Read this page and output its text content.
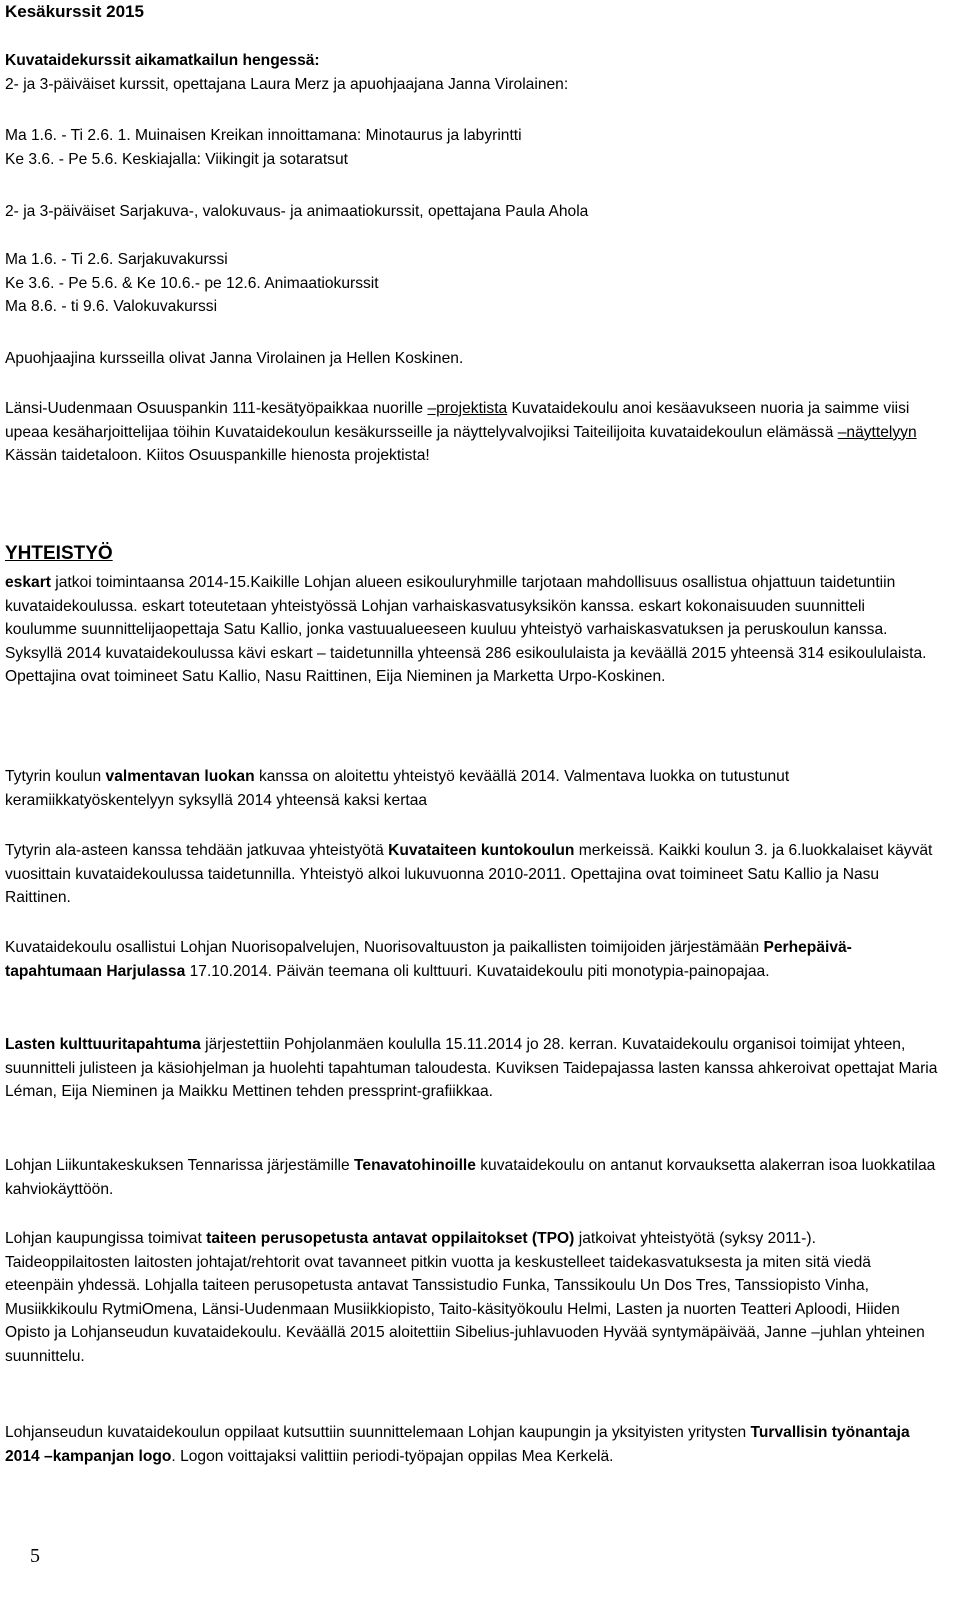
Kesäkurssit 2015

Kuvataidekurssit aikamatkailun hengessä:

2- ja 3-päiväiset kurssit, opettajana Laura Merz ja apuohjaajana Janna Virolainen:

Ma 1.6. - Ti 2.6. 1. Muinaisen Kreikan innoittamana: Minotaurus ja labyrintti

Ke 3.6. - Pe 5.6. Keskiajalla: Viikingit ja sotaratsut

2- ja 3-päiväiset Sarjakuva-, valokuvaus- ja animaatiokurssit, opettajana Paula Ahola

Ma 1.6. - Ti 2.6. Sarjakuvakurssi

Ke 3.6. - Pe 5.6. & Ke 10.6.- pe 12.6. Animaatiokurssit

Ma 8.6. - ti 9.6. Valokuvakurssi

Apuohjaajina kursseilla olivat Janna Virolainen ja Hellen Koskinen.

Länsi-Uudenmaan Osuuspankin 111-kesätyöpaikkaa nuorille –projektista Kuvataidekoulu anoi kesäavukseen nuoria ja saimme viisi upeaa kesäharjoittelijaa töihin Kuvataidekoulun kesäkursseille ja näyttelyvalvojiksi Taiteilijoita kuvataidekoulun elämässä –näyttelyyn Kässän taidetaloon. Kiitos Osuuspankille hienosta projektista!

YHTEISTYÖ

eskart jatkoi toimintaansa 2014-15.Kaikille Lohjan alueen esikouluryhmille tarjotaan mahdollisuus osallistua ohjattuun taidetuntiin kuvataidekoulussa. eskart toteutetaan yhteistyössä Lohjan varhaiskasvatusyksikön kanssa. eskart kokonaisuuden suunnitteli koulumme suunnittelijaopettaja Satu Kallio, jonka vastuualueeseen kuuluu yhteistyö varhaiskasvatuksen ja peruskoulun kanssa. Syksyllä 2014 kuvataidekoulussa kävi eskart – taidetunnilla yhteensä 286 esikoululaista ja keväällä 2015 yhteensä 314 esikoululaista. Opettajina ovat toimineet Satu Kallio, Nasu Raittinen, Eija Nieminen ja Marketta Urpo-Koskinen.

Tytyrin koulun valmentavan luokan kanssa on aloitettu yhteistyö keväällä 2014. Valmentava luokka on tutustunut keramiikkatyöskentelyyn syksyllä 2014 yhteensä kaksi kertaa

Tytyrin ala-asteen kanssa tehdään jatkuvaa yhteistyötä Kuvataiteen kuntokoulun merkeissä. Kaikki koulun 3. ja 6.luokkalaiset käyvät vuosittain kuvataidekoulussa taidetunnilla. Yhteistyö alkoi lukuvuonna 2010-2011. Opettajina ovat toimineet Satu Kallio ja Nasu Raittinen.

Kuvataidekoulu osallistui Lohjan Nuorisopalvelujen, Nuorisovaltuuston ja paikallisten toimijoiden järjestämään Perhepäivä-tapahtumaan Harjulassa 17.10.2014. Päivän teemana oli kulttuuri. Kuvataidekoulu piti monotypia-painopajaa.

Lasten kulttuuritapahtuma järjestettiin Pohjolanmäen koululla 15.11.2014 jo 28. kerran. Kuvataidekoulu organisoi toimijat yhteen, suunnitteli julisteen ja käsiohjelman ja huolehti tapahtuman taloudesta. Kuviksen Taidepajassa lasten kanssa ahkeroivat opettajat Maria Léman, Eija Nieminen ja Maikku Mettinen tehden pressprint-grafiikkaa.

Lohjan Liikuntakeskuksen Tennarissa järjestämille Tenavatohinoille kuvataidekoulu on antanut korvauksetta alakerran isoa luokkatilaa kahviokäyttöön.

Lohjan kaupungissa toimivat taiteen perusopetusta antavat oppilaitokset (TPO) jatkoivat yhteistyötä (syksy 2011-). Taideoppilaitosten laitosten johtajat/rehtorit ovat tavanneet pitkin vuotta ja keskustelleet taidekasvatuksesta ja miten sitä viedä eteenpäin yhdessä. Lohjalla taiteen perusopetusta antavat Tanssistudio Funka, Tanssikoulu Un Dos Tres, Tanssiopisto Vinha, Musiikkikoulu RytmiOmena, Länsi-Uudenmaan Musiikkiopisto, Taito-käsityökoulu Helmi, Lasten ja nuorten Teatteri Aploodi, Hiiden Opisto ja Lohjanseudun kuvataidekoulu. Keväällä 2015 aloitettiin Sibelius-juhlavuoden Hyvää syntymäpäivää, Janne –juhlan yhteinen suunnittelu.

Lohjanseudun kuvataidekoulun oppilaat kutsuttiin suunnittelemaan Lohjan kaupungin ja yksityisten yritysten Turvallisin työnantaja 2014 –kampanjan logo. Logon voittajaksi valittiin periodi-työpajan oppilas Mea Kerkelä.

5
